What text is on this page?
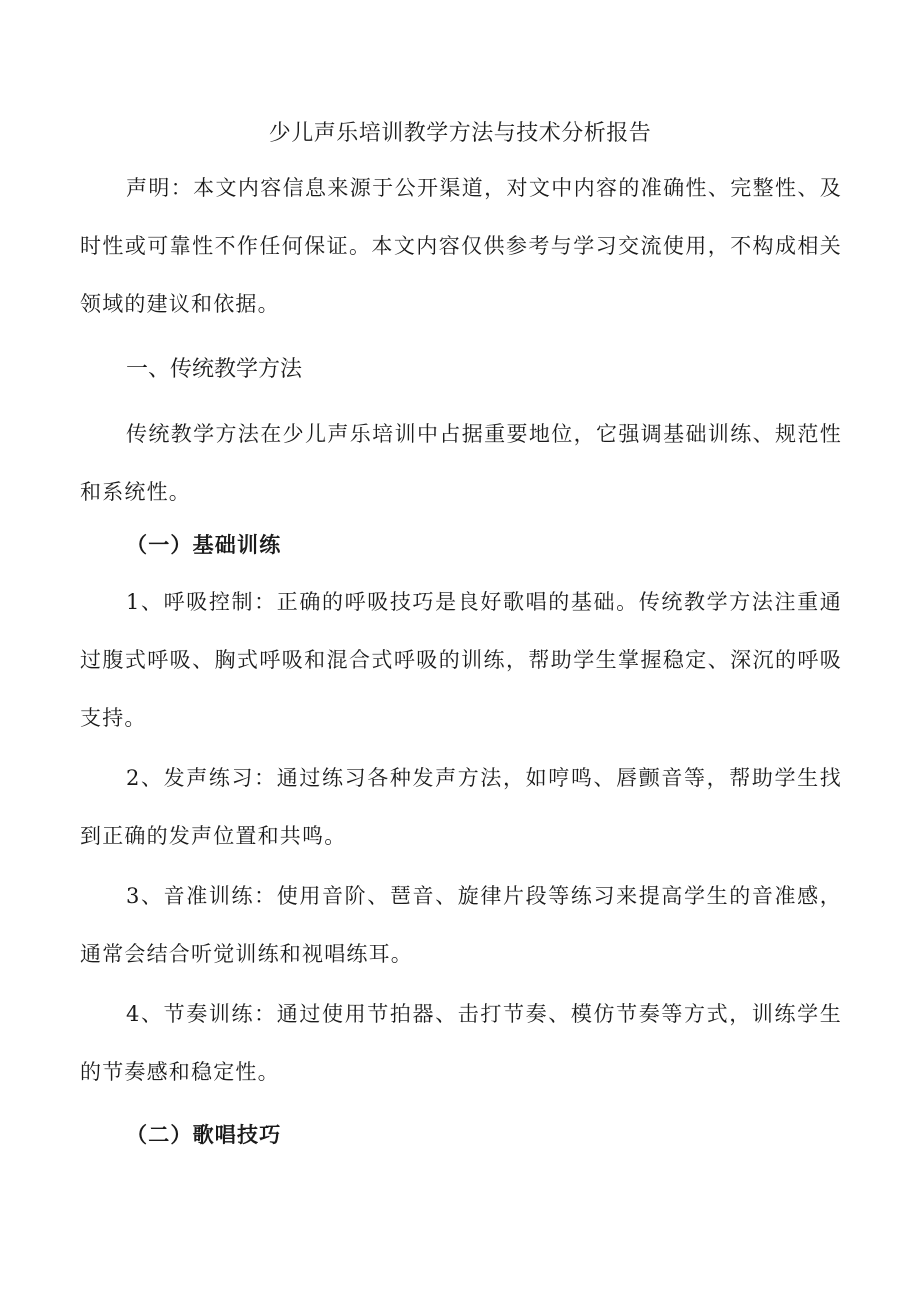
少儿声乐培训教学方法与技术分析报告

声明：本文内容信息来源于公开渠道，对文中内容的准确性、完整性、及时性或可靠性不作任何保证。本文内容仅供参考与学习交流使用，不构成相关领域的建议和依据。

一、传统教学方法

传统教学方法在少儿声乐培训中占据重要地位，它强调基础训练、规范性和系统性。

（一）基础训练

1、呼吸控制：正确的呼吸技巧是良好歌唱的基础。传统教学方法注重通过腹式呼吸、胸式呼吸和混合式呼吸的训练，帮助学生掌握稳定、深沉的呼吸支持。

2、发声练习：通过练习各种发声方法，如哼鸣、唇颤音等，帮助学生找到正确的发声位置和共鸣。

3、音准训练：使用音阶、琶音、旋律片段等练习来提高学生的音准感，通常会结合听觉训练和视唱练耳。

4、节奏训练：通过使用节拍器、击打节奏、模仿节奏等方式，训练学生的节奏感和稳定性。

（二）歌唱技巧
